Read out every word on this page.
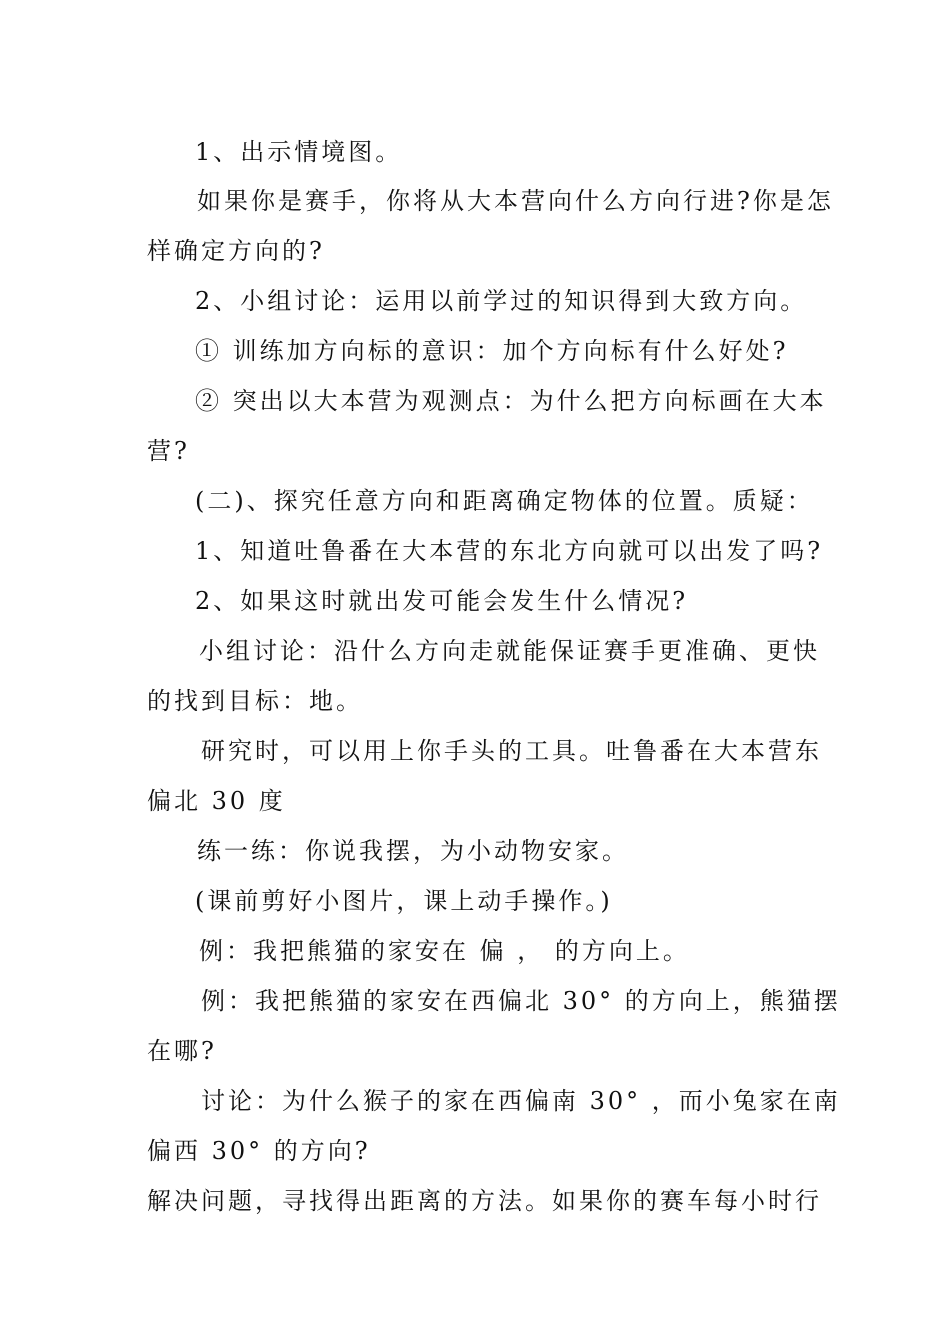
1、出示情境图。
如果你是赛手，你将从大本营向什么方向行进?你是怎
样确定方向的?
2、小组讨论：运用以前学过的知识得到大致方向。
① 训练加方向标的意识：加个方向标有什么好处?
② 突出以大本营为观测点：为什么把方向标画在大本
营?
(二)、探究任意方向和距离确定物体的位置。质疑：
1、知道吐鲁番在大本营的东北方向就可以出发了吗?
2、如果这时就出发可能会发生什么情况?
小组讨论：沿什么方向走就能保证赛手更准确、更快
的找到目标：地。
研究时，可以用上你手头的工具。吐鲁番在大本营东
偏北 30 度
练一练：你说我摆，为小动物安家。
(课前剪好小图片，课上动手操作。)
例：我把熊猫的家安在 偏 ， 的方向上。
例：我把熊猫的家安在西偏北 30° 的方向上，熊猫摆
在哪?
讨论：为什么猴子的家在西偏南 30° ，而小兔家在南
偏西 30° 的方向?
解决问题，寻找得出距离的方法。如果你的赛车每小时行
